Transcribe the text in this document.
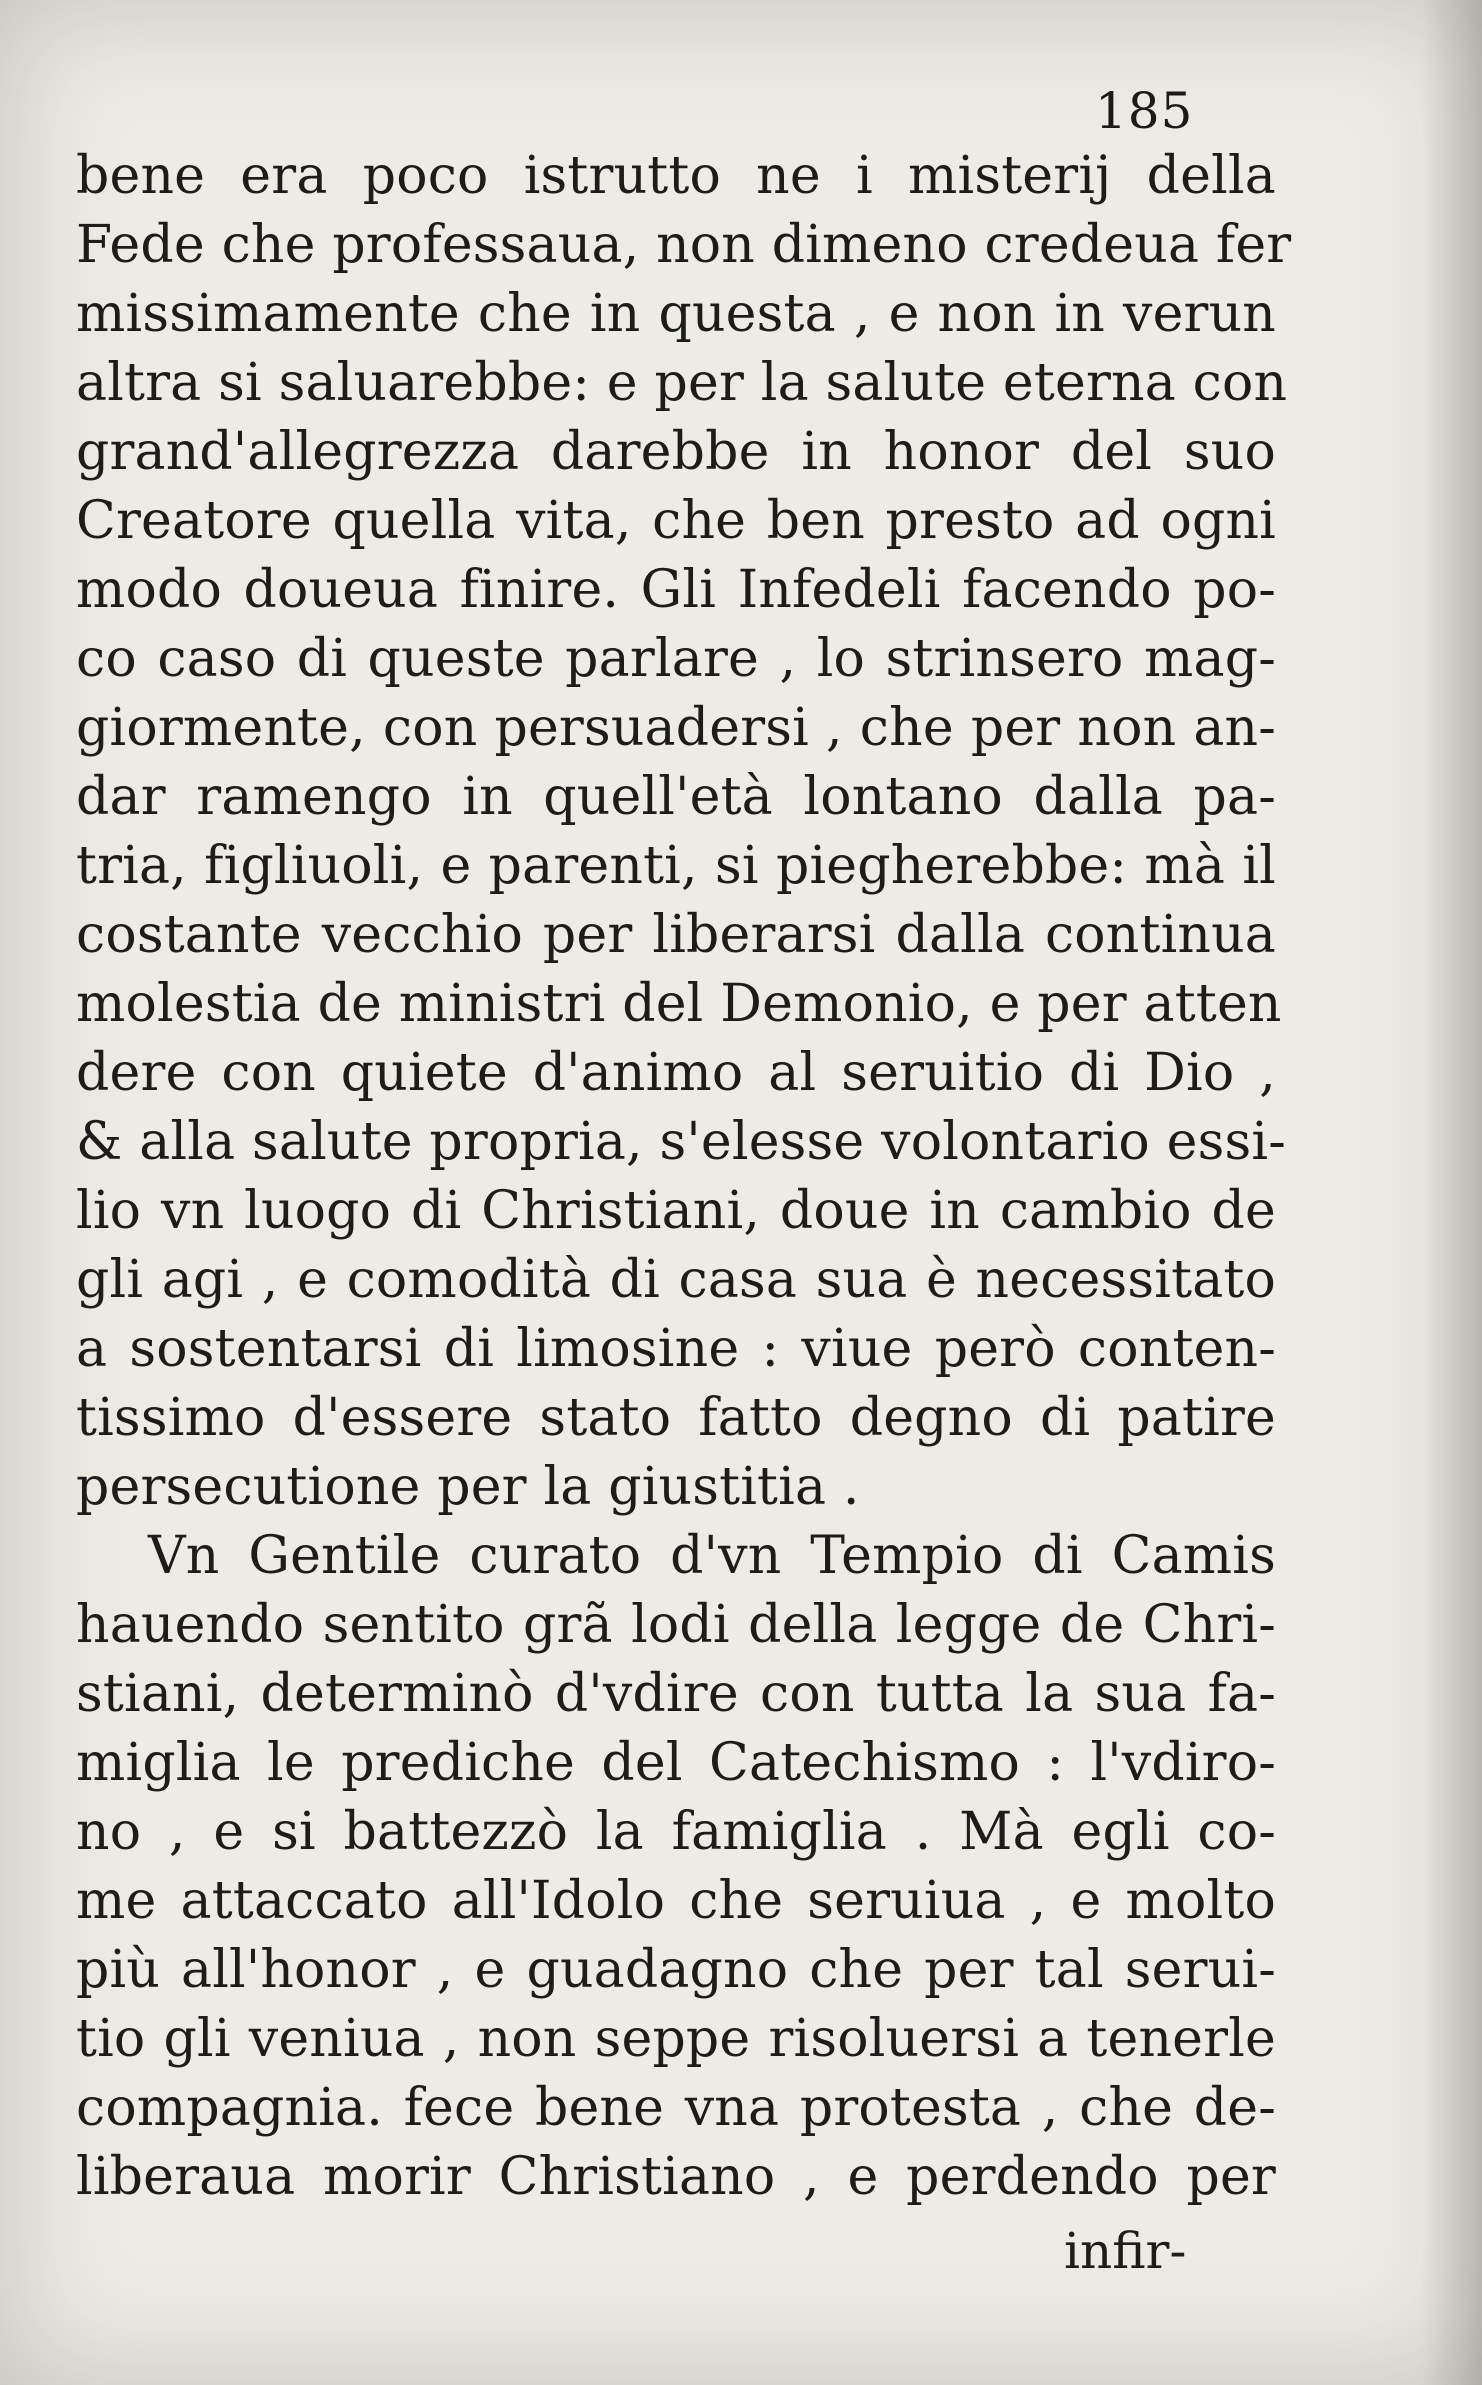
185
bene era poco istrutto ne i misterij della
Fede che professaua, non dimeno credeua fer
missimamente che in questa , e non in verun
altra si saluarebbe: e per la salute eterna con
grand'allegrezza darebbe in honor del suo
Creatore quella vita, che ben presto ad ogni
modo doueua finire. Gli Infedeli facendo po-
co caso di queste parlare , lo strinsero mag-
giormente, con persuadersi , che per non an-
dar ramengo in quell'età lontano dalla pa-
tria, figliuoli, e parenti, si piegherebbe: mà il
costante vecchio per liberarsi dalla continua
molestia de ministri del Demonio, e per atten
dere con quiete d'animo al seruitio di Dio ,
& alla salute propria, s'elesse volontario essi-
lio vn luogo di Christiani, doue in cambio de
gli agi , e comodità di casa sua è necessitato
a sostentarsi di limosine : viue però conten-
tissimo d'essere stato fatto degno di patire
persecutione per la giustitia .
Vn Gentile curato d'vn Tempio di Camis
hauendo sentito grã lodi della legge de Chri-
stiani, determinò d'vdire con tutta la sua fa-
miglia le prediche del Catechismo : l'vdiro-
no , e si battezzò la famiglia . Mà egli co-
me attaccato all'Idolo che seruiua , e molto
più all'honor , e guadagno che per tal serui-
tio gli veniua , non seppe risoluersi a tenerle
compagnia. fece bene vna protesta , che de-
liberaua morir Christiano , e perdendo per
infir-
